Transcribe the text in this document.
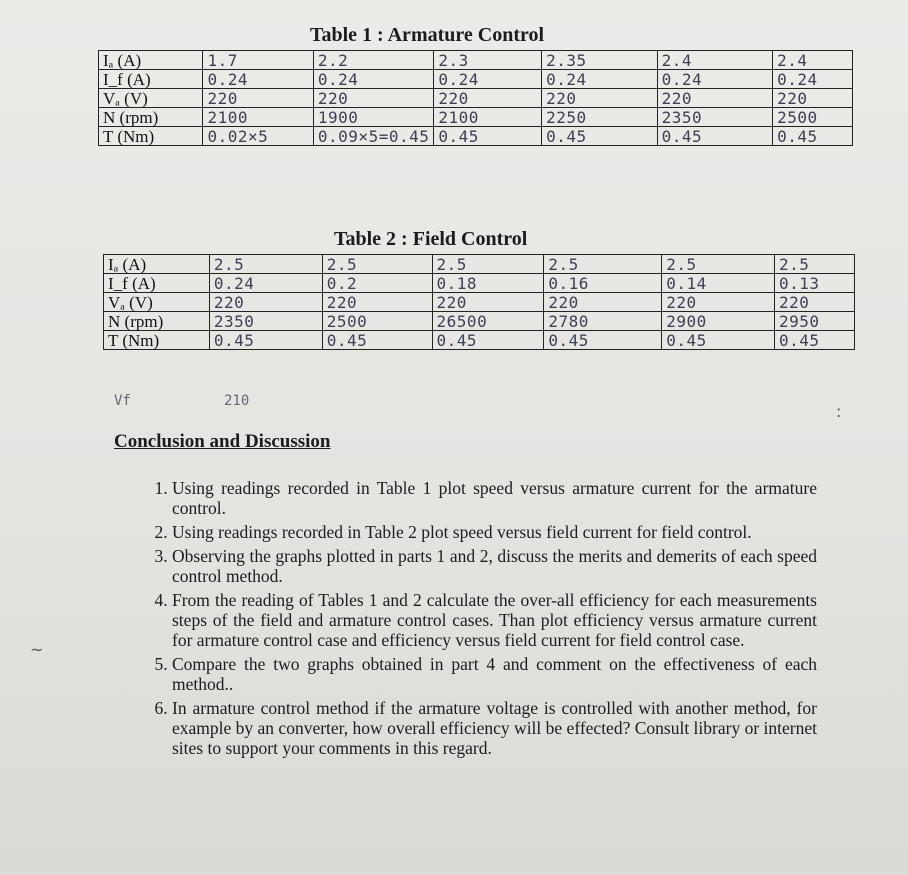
Table 1 : Armature Control
Iₐ (A)	1.7	2.2	2.3	2.35	2.4	2.4
I_f (A)	0.24	0.24	0.24	0.24	0.24	0.24
Vₐ (V)	220	220	220	220	220	220
N (rpm)	2100	1900	2100	2250	2350	2500
T (Nm)	0.02×5	0.09×5=0.45	0.45	0.45	0.45	0.45
Table 2 : Field Control
Iₐ (A)	2.5	2.5	2.5	2.5	2.5	2.5
I_f (A)	0.24	0.2	0.18	0.16	0.14	0.13
Vₐ (V)	220	220	220	220	220	220
N (rpm)	2350	2500	26500	2780	2900	2950
T (Nm)	0.45	0.45	0.45	0.45	0.45	0.45
Vf	210
Conclusion and Discussion
1. Using readings recorded in Table 1 plot speed versus armature current for the armature control.
2. Using readings recorded in Table 2 plot speed versus field current for field control.
3. Observing the graphs plotted in parts 1 and 2, discuss the merits and demerits of each speed control method.
4. From the reading of Tables 1 and 2 calculate the over-all efficiency for each measurements steps of the field and armature control cases. Than plot efficiency versus armature current for armature control case and efficiency versus field current for field control case.
5. Compare the two graphs obtained in part 4 and comment on the effectiveness of each method..
6. In armature control method if the armature voltage is controlled with another method, for example by an converter, how overall efficiency will be effected? Consult library or internet sites to support your comments in this regard.
:
~
